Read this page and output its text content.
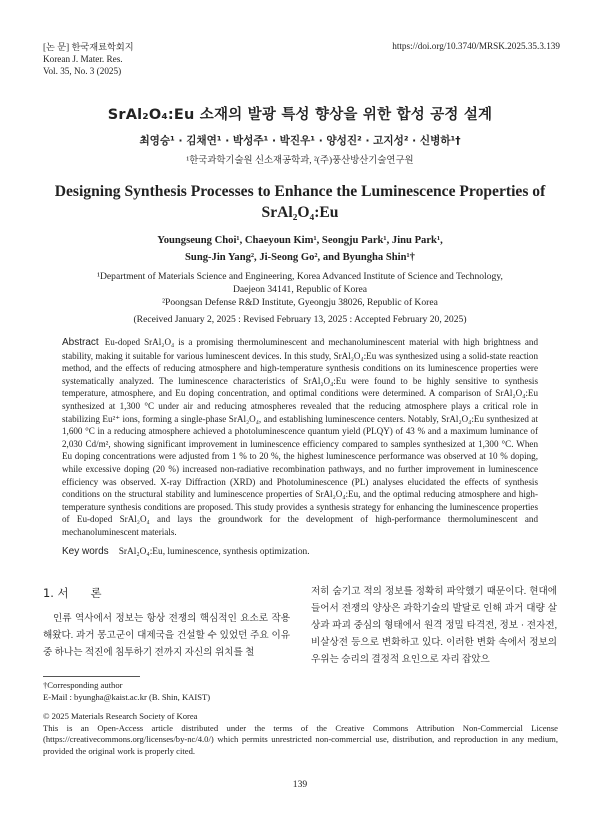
[논 문] 한국재료학회지
Korean J. Mater. Res.
Vol. 35, No. 3 (2025)
https://doi.org/10.3740/MRSK.2025.35.3.139
SrAl₂O₄:Eu 소재의 발광 특성 향상을 위한 합성 공정 설계
최영승¹ · 김채연¹ · 박성주¹ · 박진우¹ · 양성진² · 고지성² · 신병하¹†
¹한국과학기술원 신소재공학과, ²(주)풍산방산기술연구원
Designing Synthesis Processes to Enhance the Luminescence Properties of
SrAl₂O₄:Eu
Youngseung Choi¹, Chaeyoun Kim¹, Seongju Park¹, Jinu Park¹,
Sung-Jin Yang², Ji-Seong Go², and Byungha Shin¹†
¹Department of Materials Science and Engineering, Korea Advanced Institute of Science and Technology,
Daejeon 34141, Republic of Korea
²Poongsan Defense R&D Institute, Gyeongju 38026, Republic of Korea
(Received January 2, 2025 : Revised February 13, 2025 : Accepted February 20, 2025)
Abstract Eu-doped SrAl₂O₄ is a promising thermoluminescent and mechanoluminescent material with high brightness and stability, making it suitable for various luminescent devices. In this study, SrAl₂O₄:Eu was synthesized using a solid-state reaction method, and the effects of reducing atmosphere and high-temperature synthesis conditions on its luminescence properties were systematically analyzed. The luminescence characteristics of SrAl₂O₄:Eu were found to be highly sensitive to synthesis temperature, atmosphere, and Eu doping concentration, and optimal conditions were determined. A comparison of SrAl₂O₄:Eu synthesized at 1,300 °C under air and reducing atmospheres revealed that the reducing atmosphere plays a critical role in stabilizing Eu²⁺ ions, forming a single-phase SrAl₂O₄, and establishing luminescence centers. Notably, SrAl₂O₄:Eu synthesized at 1,600 °C in a reducing atmosphere achieved a photoluminescence quantum yield (PLQY) of 43 % and a maximum luminance of 2,030 Cd/m², showing significant improvement in luminescence efficiency compared to samples synthesized at 1,300 °C. When Eu doping concentrations were adjusted from 1 % to 20 %, the highest luminescence performance was observed at 10 % doping, while excessive doping (20 %) increased non-radiative recombination pathways, and no further improvement in luminescence efficiency was observed. X-ray Diffraction (XRD) and Photoluminescence (PL) analyses elucidated the effects of synthesis conditions on the structural stability and luminescence properties of SrAl₂O₄:Eu, and the optimal reducing atmosphere and high-temperature synthesis conditions are proposed. This study provides a synthesis strategy for enhancing the luminescence properties of Eu-doped SrAl₂O₄ and lays the groundwork for the development of high-performance thermoluminescent and mechanoluminescent materials.
Key words SrAl₂O₄:Eu, luminescence, synthesis optimization.
1. 서 론
인류 역사에서 정보는 항상 전쟁의 핵심적인 요소로 작용해왔다. 과거 몽고군이 대제국을 건설할 수 있었던 주요 이유 중 하나는 적진에 침투하기 전까지 자신의 위치를 철
저히 숨기고 적의 정보를 정확히 파악했기 때문이다. 현대에 들어서 전쟁의 양상은 과학기술의 발달로 인해 과거 대량 살상과 파괴 중심의 형태에서 원격 정밀 타격전, 정보 · 전자전, 비살상전 등으로 변화하고 있다. 이러한 변화 속에서 정보의 우위는 승리의 결정적 요인으로 자리 잡았으
†Corresponding author
E-Mail : byungha@kaist.ac.kr (B. Shin, KAIST)
© 2025 Materials Research Society of Korea
This is an Open-Access article distributed under the terms of the Creative Commons Attribution Non-Commercial License (https://creativecommons.org/licenses/by-nc/4.0/) which permits unrestricted non-commercial use, distribution, and reproduction in any medium, provided the original work is properly cited.
139
